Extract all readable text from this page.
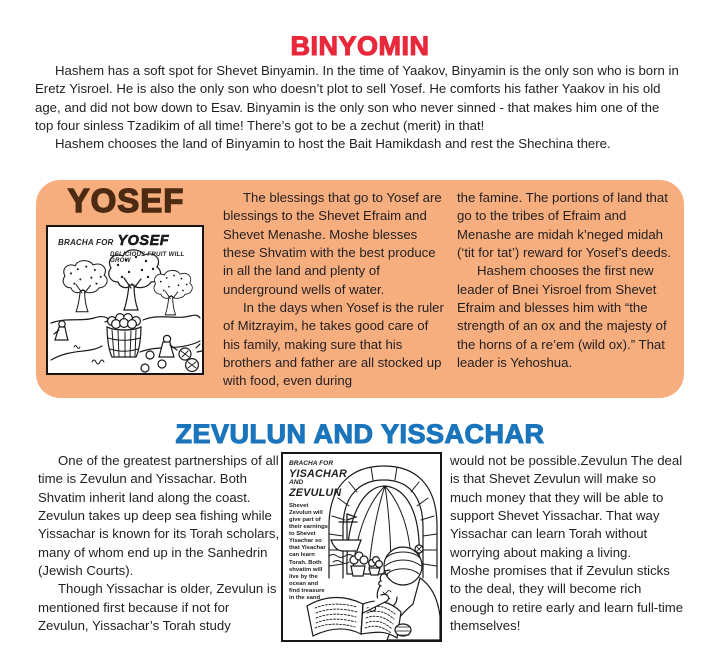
BINYOMIN

Hashem has a soft spot for Shevet Binyamin. In the time of Yaakov, Binyamin is the only son who is born in Eretz Yisroel. He is also the only son who doesn’t plot to sell Yosef. He comforts his father Yaakov in his old age, and did not bow down to Esav. Binyamin is the only son who never sinned - that makes him one of the top four sinless Tzadikim of all time! There’s got to be a zechut (merit) in that!

Hashem chooses the land of Binyamin to host the Bait Hamikdash and rest the Shechina there.

YOSEF
BRACHA FOR YOSEF
DELICIOUS FRUIT WILL GROW

The blessings that go to Yosef are blessings to the Shevet Efraim and Shevet Menashe. Moshe blesses these Shvatim with the best produce in all the land and plenty of underground wells of water.

In the days when Yosef is the ruler of Mitzrayim, he takes good care of his family, making sure that his brothers and father are all stocked up with food, even during

the famine. The portions of land that go to the tribes of Efraim and Menashe are midah k’neged midah (‘tit for tat’) reward for Yosef’s deeds.

Hashem chooses the first new leader of Bnei Yisroel from Shevet Efraim and blesses him with “the strength of an ox and the majesty of the horns of a re’em (wild ox).” That leader is Yehoshua.

ZEVULUN AND YISSACHAR

One of the greatest partnerships of all time is Zevulun and Yissachar. Both Shvatim inherit land along the coast. Zevulun takes up deep sea fishing while Yissachar is known for its Torah scholars, many of whom end up in the Sanhedrin (Jewish Courts).

Though Yissachar is older, Zevulun is mentioned first because if not for Zevulun, Yissachar’s Torah study

BRACHA FOR
YISACHAR
AND
ZEVULUN
Shevet Zevulun will give part of their earnings to Shevet Yisachar so that Yisachar can learn Torah. Both shvatim will live by the ocean and find treasure in the sand

would not be possible.Zevulun The deal is that Shevet Zevulun will make so much money that they will be able to support Shevet Yissachar. That way Yissachar can learn Torah without worrying about making a living.

Moshe promises that if Zevulun sticks to the deal, they will become rich enough to retire early and learn full-time themselves!
